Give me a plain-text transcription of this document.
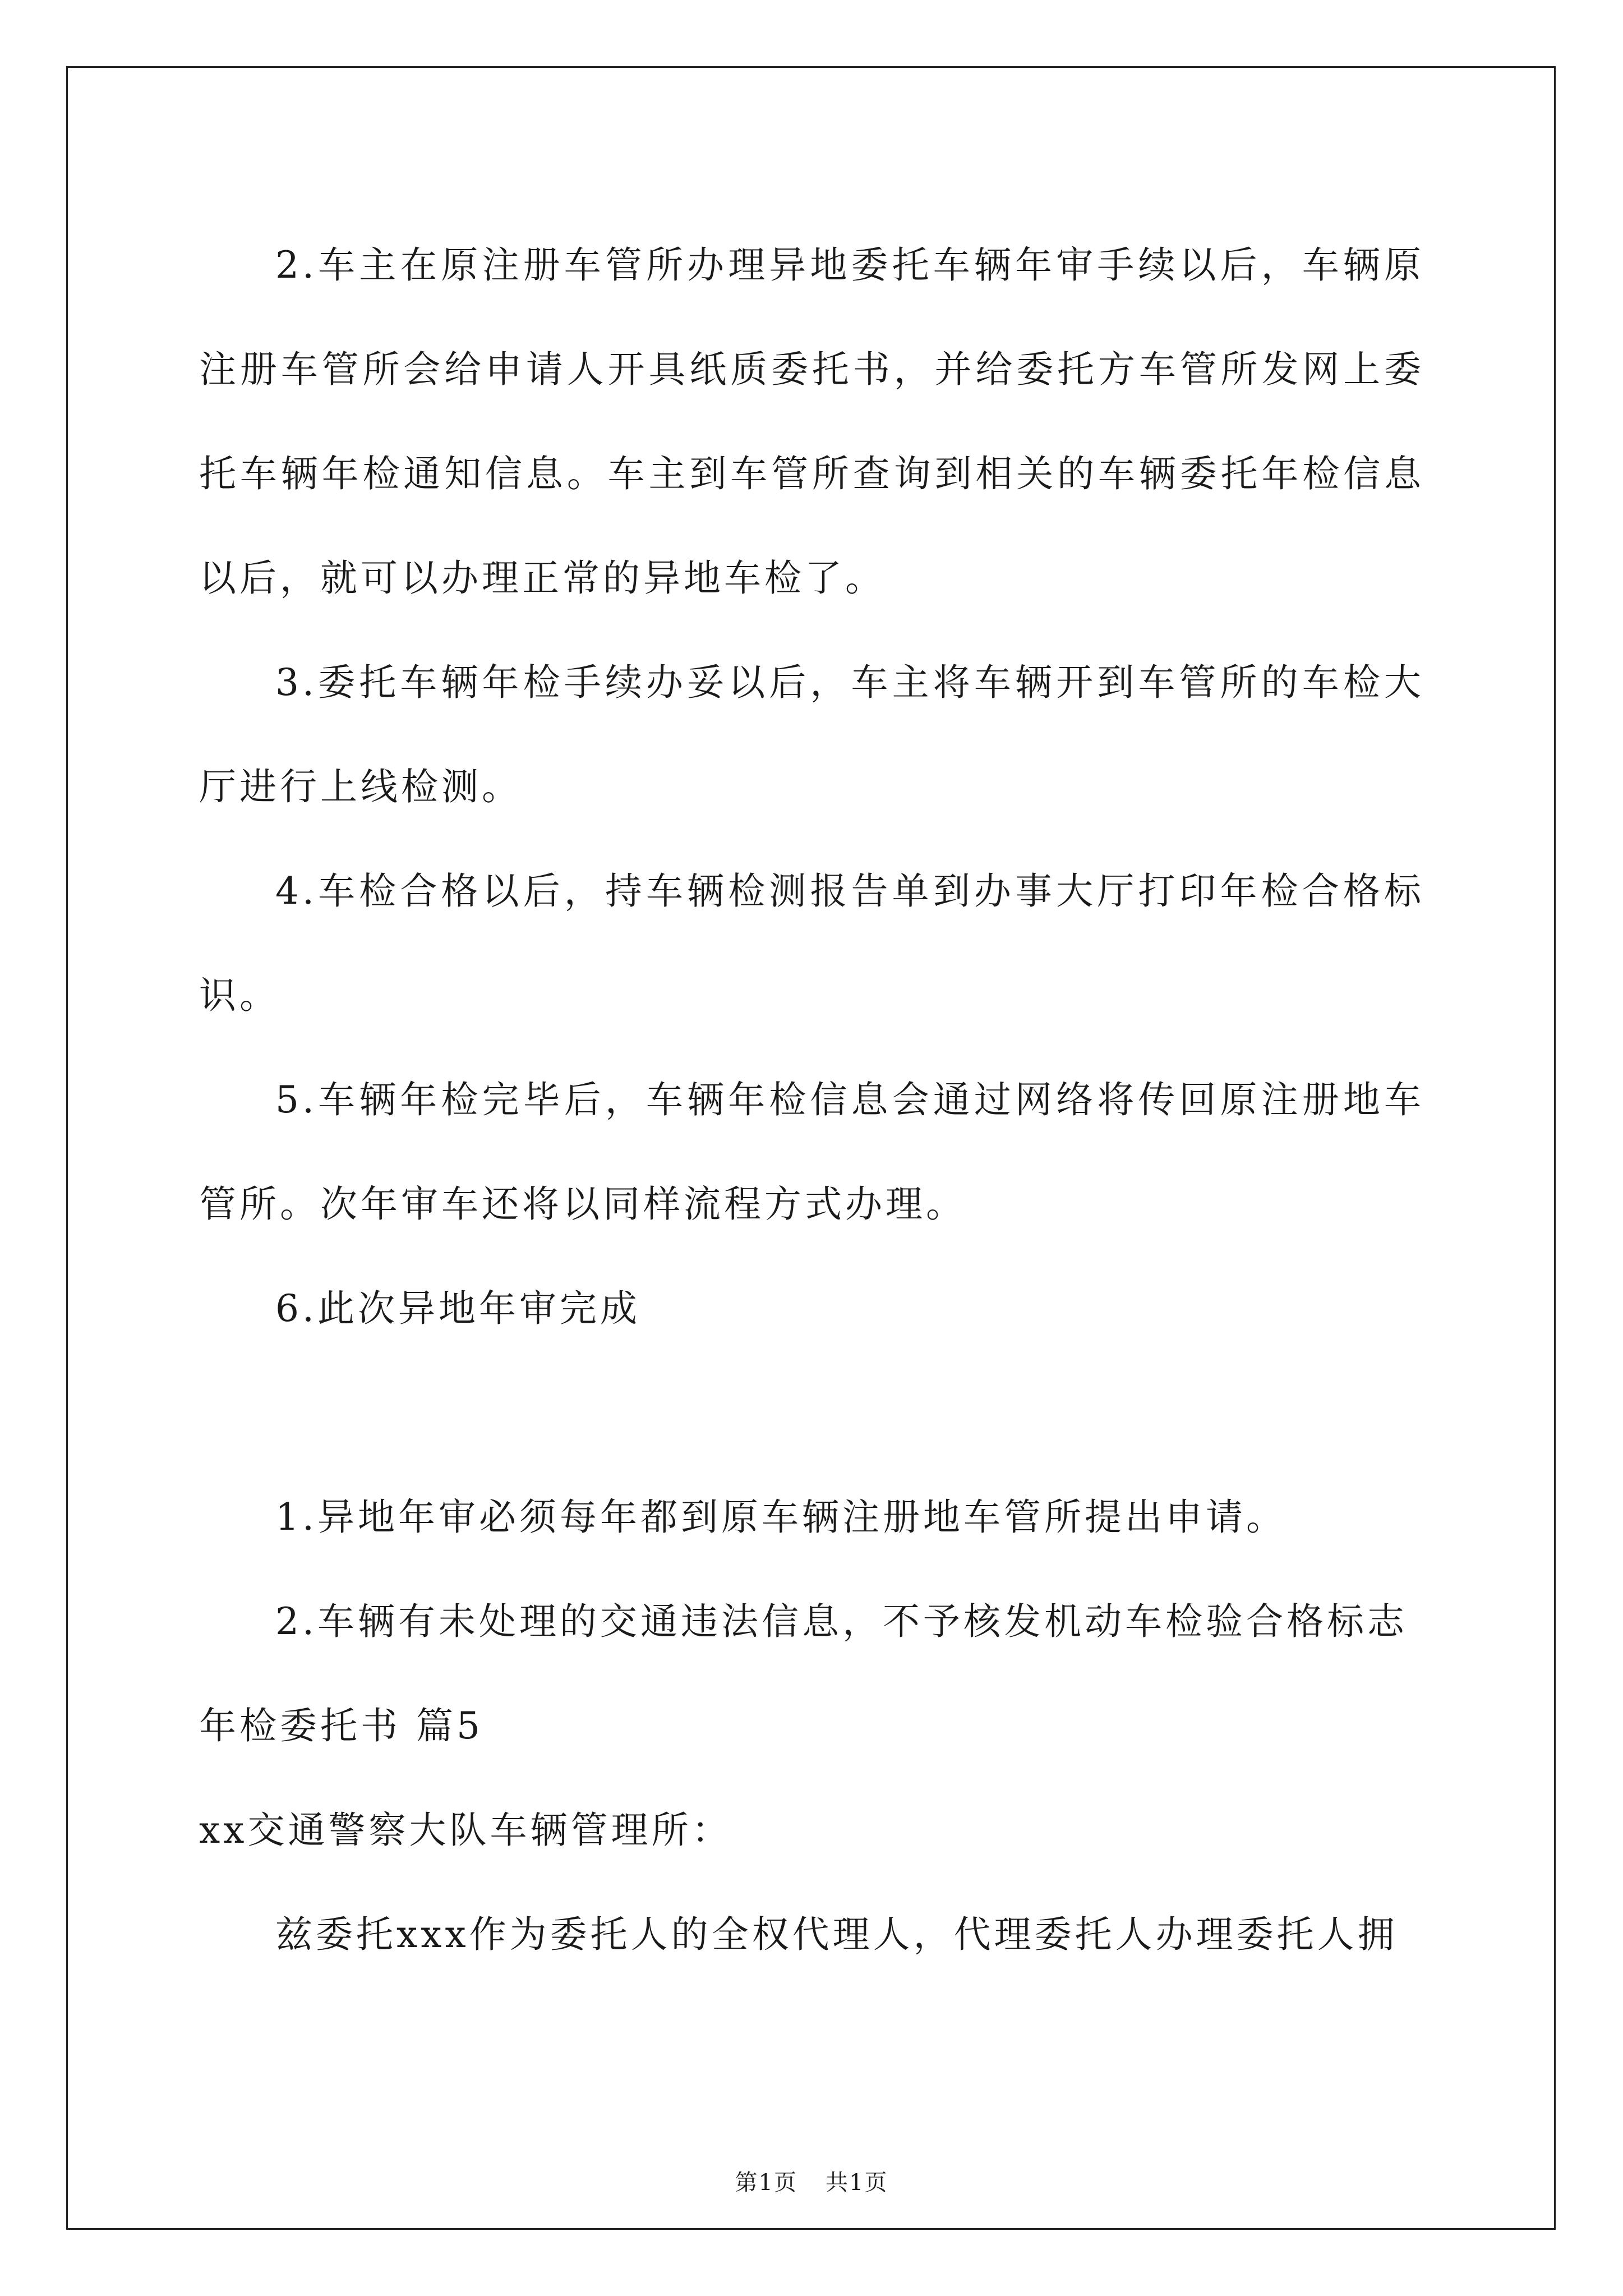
2.车主在原注册车管所办理异地委托车辆年审手续以后，车辆原注册车管所会给申请人开具纸质委托书，并给委托方车管所发网上委托车辆年检通知信息。车主到车管所查询到相关的车辆委托年检信息以后，就可以办理正常的异地车检了。

3.委托车辆年检手续办妥以后，车主将车辆开到车管所的车检大厅进行上线检测。

4.车检合格以后，持车辆检测报告单到办事大厅打印年检合格标识。

5.车辆年检完毕后，车辆年检信息会通过网络将传回原注册地车管所。次年审车还将以同样流程方式办理。

6.此次异地年审完成

1.异地年审必须每年都到原车辆注册地车管所提出申请。

2.车辆有未处理的交通违法信息，不予核发机动车检验合格标志

年检委托书 篇5

xx交通警察大队车辆管理所：

兹委托xxx作为委托人的全权代理人，代理委托人办理委托人拥

第1页 共1页
